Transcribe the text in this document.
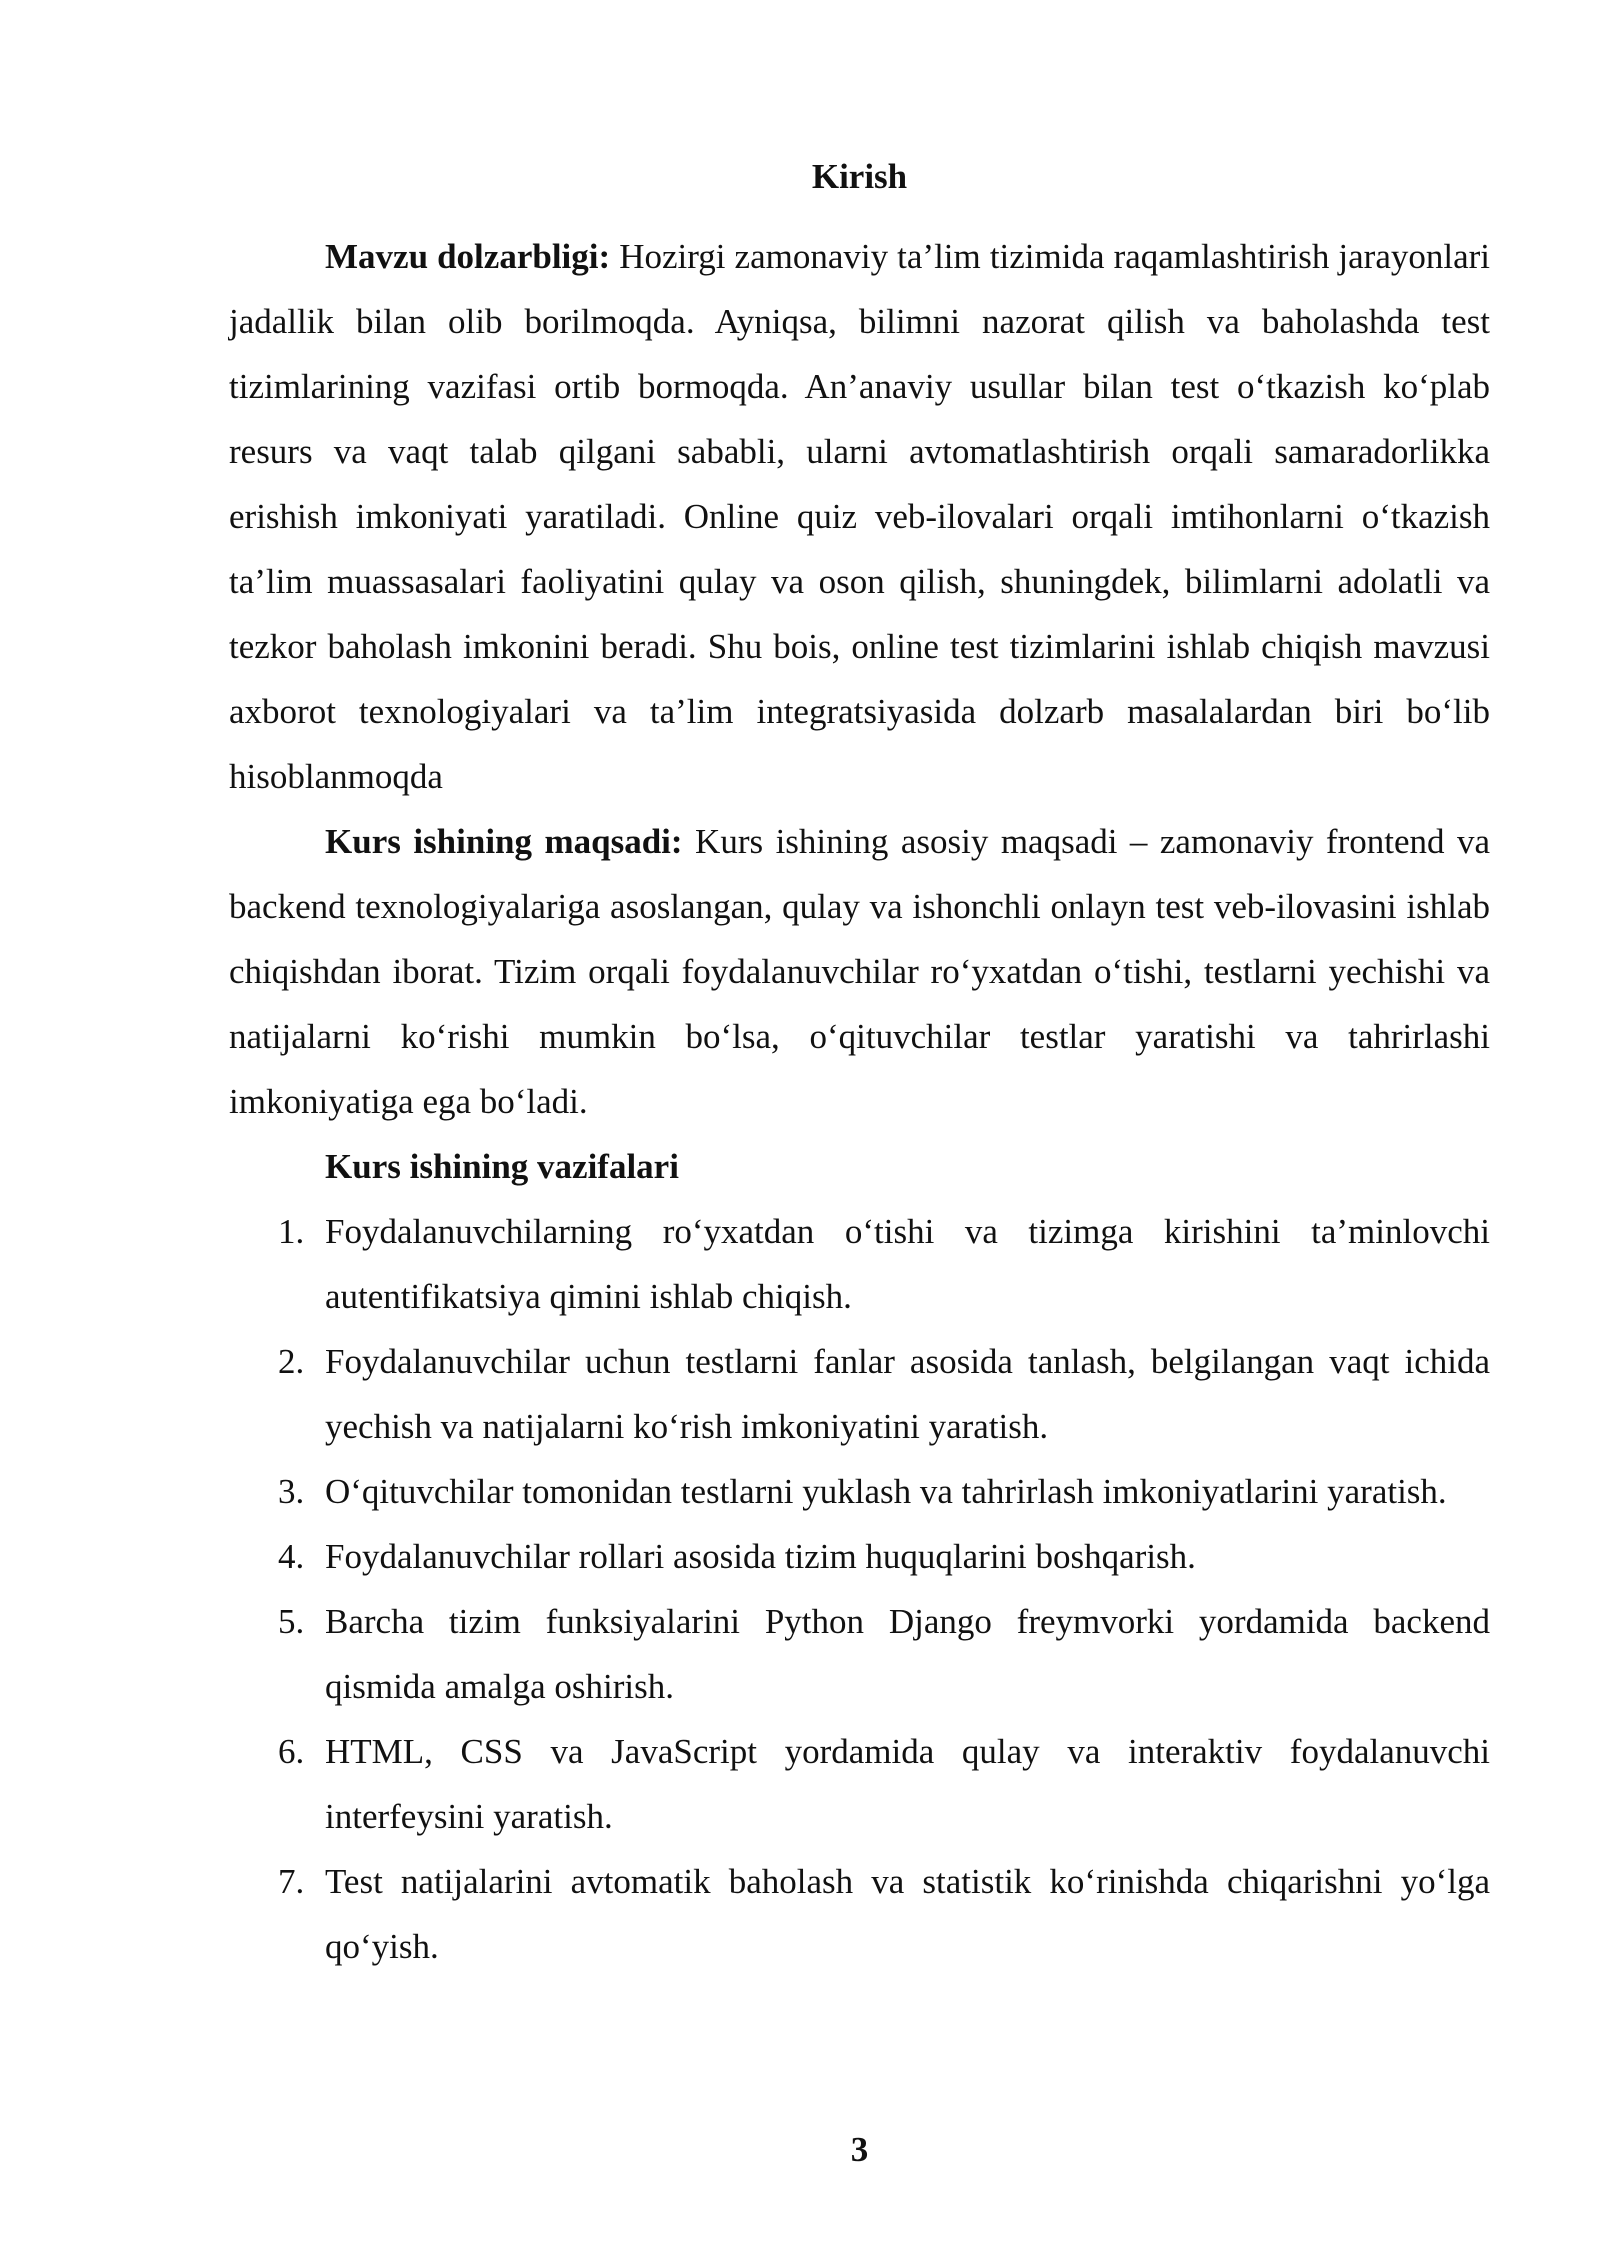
Kirish

Mavzu dolzarbligi: Hozirgi zamonaviy ta’lim tizimida raqamlashtirish jarayonlari jadallik bilan olib borilmoqda. Ayniqsa, bilimni nazorat qilish va baholashda test tizimlarining vazifasi ortib bormoqda. An’anaviy usullar bilan test o‘tkazish ko‘plab resurs va vaqt talab qilgani sababli, ularni avtomatlashtirish orqali samaradorlikka erishish imkoniyati yaratiladi. Online quiz veb-ilovalari orqali imtihonlarni o‘tkazish ta’lim muassasalari faoliyatini qulay va oson qilish, shuningdek, bilimlarni adolatli va tezkor baholash imkonini beradi. Shu bois, online test tizimlarini ishlab chiqish mavzusi axborot texnologiyalari va ta’lim integratsiyasida dolzarb masalalardan biri bo‘lib hisoblanmoqda

Kurs ishining maqsadi: Kurs ishining asosiy maqsadi – zamonaviy frontend va backend texnologiyalariga asoslangan, qulay va ishonchli onlayn test veb-ilovasini ishlab chiqishdan iborat. Tizim orqali foydalanuvchilar ro‘yxatdan o‘tishi, testlarni yechishi va natijalarni ko‘rishi mumkin bo‘lsa, o‘qituvchilar testlar yaratishi va tahrirlashi imkoniyatiga ega bo‘ladi.

Kurs ishining vazifalari
1. Foydalanuvchilarning ro‘yxatdan o‘tishi va tizimga kirishini ta’minlovchi autentifikatsiya qimini ishlab chiqish.
2. Foydalanuvchilar uchun testlarni fanlar asosida tanlash, belgilangan vaqt ichida yechish va natijalarni ko‘rish imkoniyatini yaratish.
3. O‘qituvchilar tomonidan testlarni yuklash va tahrirlash imkoniyatlarini yaratish.
4. Foydalanuvchilar rollari asosida tizim huquqlarini boshqarish.
5. Barcha tizim funksiyalarini Python Django freymvorki yordamida backend qismida amalga oshirish.
6. HTML, CSS va JavaScript yordamida qulay va interaktiv foydalanuvchi interfeysini yaratish.
7. Test natijalarini avtomatik baholash va statistik ko‘rinishda chiqarishni yo‘lga qo‘yish.
3
